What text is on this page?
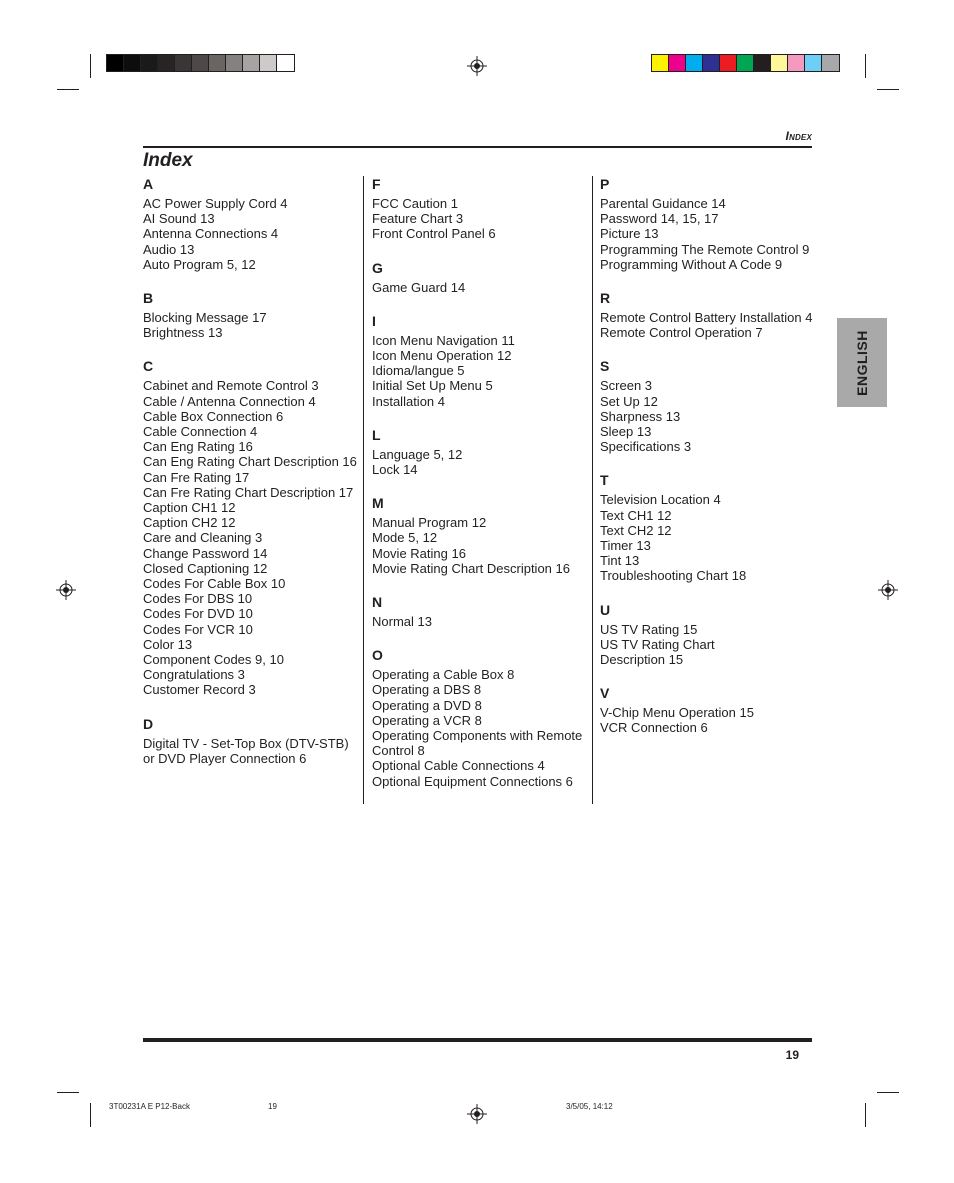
Index
Index
A
AC Power Supply Cord 4
AI Sound 13
Antenna Connections 4
Audio 13
Auto Program 5, 12
B
Blocking Message 17
Brightness 13
C
Cabinet and Remote Control 3
Cable / Antenna Connection 4
Cable Box Connection 6
Cable Connection 4
Can Eng Rating 16
Can Eng Rating Chart Description 16
Can Fre Rating 17
Can Fre Rating Chart Description 17
Caption CH1 12
Caption CH2 12
Care and Cleaning 3
Change Password 14
Closed Captioning 12
Codes For Cable Box 10
Codes For DBS 10
Codes For DVD 10
Codes For VCR 10
Color 13
Component Codes 9, 10
Congratulations 3
Customer Record 3
D
Digital TV - Set-Top Box (DTV-STB)
or DVD Player Connection 6
F
FCC Caution 1
Feature Chart 3
Front Control Panel 6
G
Game Guard 14
I
Icon Menu Navigation 11
Icon Menu Operation 12
Idioma/langue 5
Initial Set Up Menu 5
Installation 4
L
Language 5, 12
Lock 14
M
Manual Program 12
Mode 5, 12
Movie Rating 16
Movie Rating Chart Description 16
N
Normal 13
O
Operating a Cable Box 8
Operating a DBS 8
Operating a DVD 8
Operating a VCR 8
Operating Components with Remote
Control 8
Optional Cable Connections 4
Optional Equipment Connections 6
P
Parental Guidance 14
Password 14, 15, 17
Picture 13
Programming The Remote Control 9
Programming Without A Code 9
R
Remote Control Battery Installation 4
Remote Control Operation 7
S
Screen 3
Set Up 12
Sharpness 13
Sleep 13
Specifications 3
T
Television Location 4
Text CH1 12
Text CH2 12
Timer 13
Tint 13
Troubleshooting Chart 18
U
US TV Rating 15
US TV Rating Chart
Description 15
V
V-Chip Menu Operation 15
VCR Connection 6
ENGLISH
19
3T00231A E P12-Back	19	3/5/05, 14:12
